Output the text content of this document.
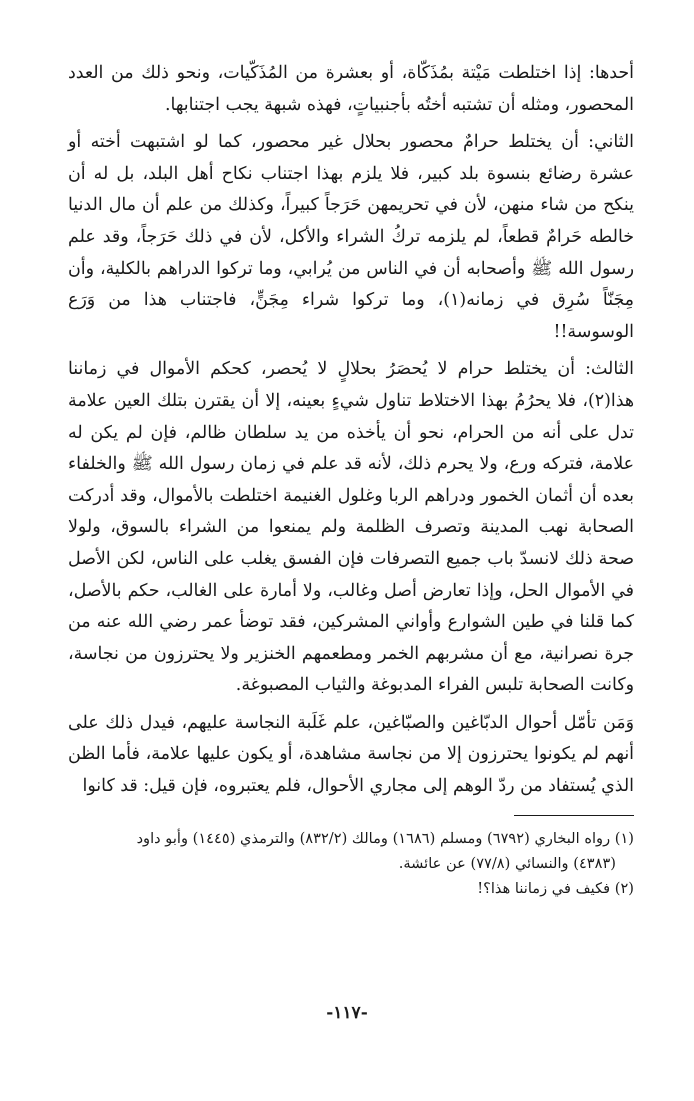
أحدها: إذا اختلطت مَيْتة بمُذَكّاة، أو بعشرة من المُذَكّيات، ونحو ذلك من العدد المحصور، ومثله أن تشتبه أختُه بأجنبياتٍ، فهذه شبهة يجب اجتنابها.

الثاني: أن يختلط حرامٌ محصور بحلال غير محصور، كما لو اشتبهت أخته أو عشرة رضائع بنسوة بلد كبير، فلا يلزم بهذا اجتناب نكاح أهل البلد، بل له أن ينكح من شاء منهن، لأن في تحريمهن حَرَجاً كبيراً، وكذلك من علم أن مال الدنيا خالطه حَرامٌ قطعاً، لم يلزمه تركُ الشراء والأكل، لأن في ذلك حَرَجاً، وقد علم رسول الله ﷺ وأصحابه أن في الناس من يُرابي، وما تركوا الدراهم بالكلية، وأن مِجَنّاً سُرِق في زمانه(١)، وما تركوا شراء مِجَنٍّ، فاجتناب هذا من وَرَع الوسوسة!!

الثالث: أن يختلط حرام لا يُحصَرُ بحلالٍ لا يُحصر، كحكم الأموال في زماننا هذا(٢)، فلا يحرُمُ بهذا الاختلاط تناول شيءٍ بعينه، إلا أن يقترن بتلك العين علامة تدل على أنه من الحرام، نحو أن يأخذه من يد سلطان ظالم، فإن لم يكن له علامة، فتركه ورع، ولا يحرم ذلك، لأنه قد علم في زمان رسول الله ﷺ والخلفاء بعده أن أثمان الخمور ودراهم الربا وغلول الغنيمة اختلطت بالأموال، وقد أدركت الصحابة نهب المدينة وتصرف الظلمة ولم يمنعوا من الشراء بالسوق، ولولا صحة ذلك لانسدّ باب جميع التصرفات فإن الفسق يغلب على الناس، لكن الأصل في الأموال الحل، وإذا تعارض أصل وغالب، ولا أمارة على الغالب، حكم بالأصل، كما قلنا في طين الشوارع وأواني المشركين، فقد توضأ عمر رضي الله عنه من جرة نصرانية، مع أن مشربهم الخمر ومطعمهم الخنزير ولا يحترزون من نجاسة، وكانت الصحابة تلبس الفراء المدبوغة والثياب المصبوغة.

وَمَن تأمّل أحوال الدبّاغين والصبّاغين، علم غَلَبة النجاسة عليهم، فيدل ذلك على أنهم لم يكونوا يحترزون إلا من نجاسة مشاهدة، أو يكون عليها علامة، فأما الظن الذي يُستفاد من ردّ الوهم إلى مجاري الأحوال، فلم يعتبروه، فإن قيل: قد كانوا

(١) رواه البخاري (٦٧٩٢) ومسلم (١٦٨٦) ومالك (٨٣٢/٢) والترمذي (١٤٤٥) وأبو داود

(٤٣٨٣) والنسائي (٧٧/٨) عن عائشة.

(٢) فكيف في زماننا هذا؟!

-١١٧-
